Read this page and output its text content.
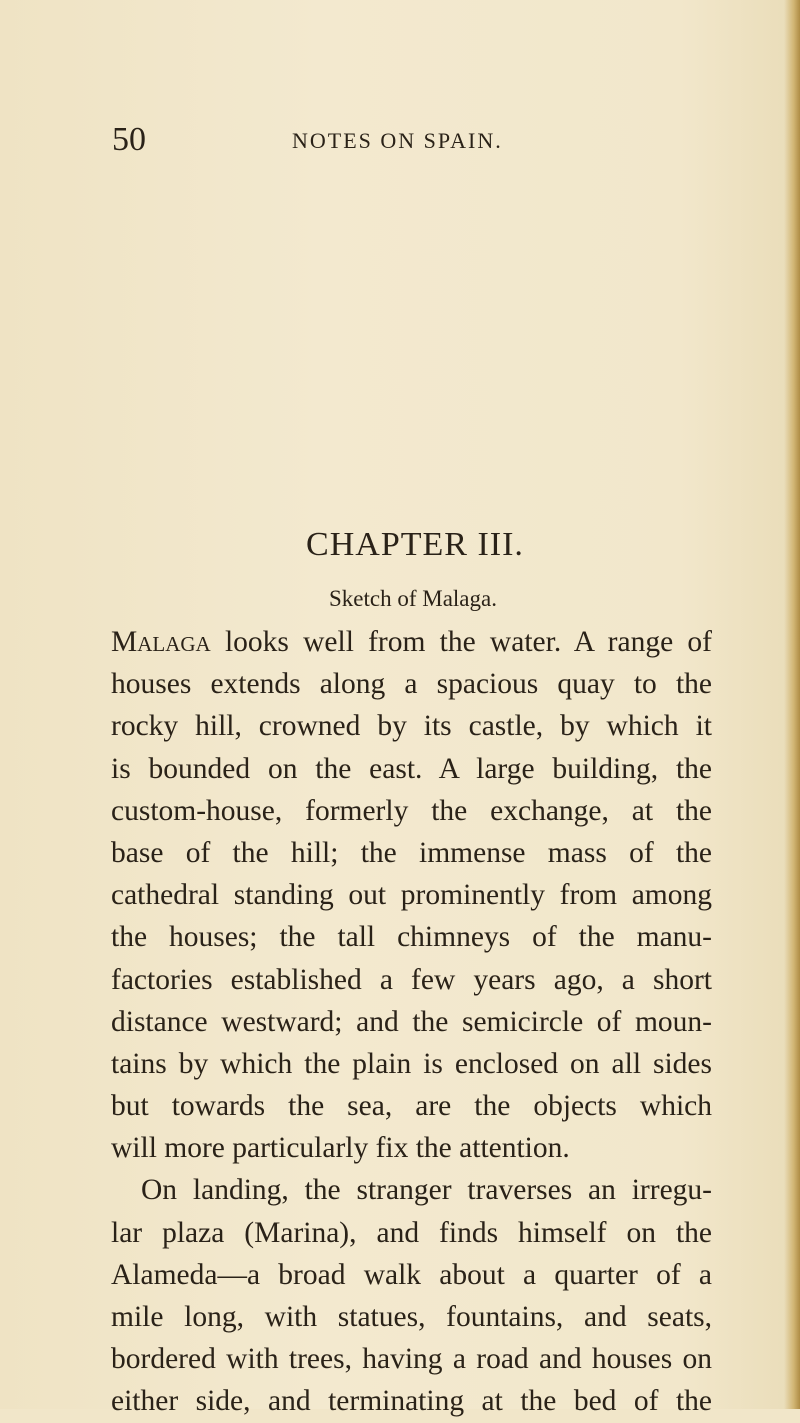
50	NOTES ON SPAIN.
CHAPTER III.
Sketch of Malaga.
Malaga looks well from the water. A range of
houses extends along a spacious quay to the
rocky hill, crowned by its castle, by which it
is bounded on the east. A large building, the
custom-house, formerly the exchange, at the
base of the hill; the immense mass of the
cathedral standing out prominently from among
the houses; the tall chimneys of the manu-
factories established a few years ago, a short
distance westward; and the semicircle of moun-
tains by which the plain is enclosed on all sides
but towards the sea, are the objects which
will more particularly fix the attention.
On landing, the stranger traverses an irregu-
lar plaza (Marina), and finds himself on the
Alameda—a broad walk about a quarter of a
mile long, with statues, fountains, and seats,
bordered with trees, having a road and houses on
either side, and terminating at the bed of the
